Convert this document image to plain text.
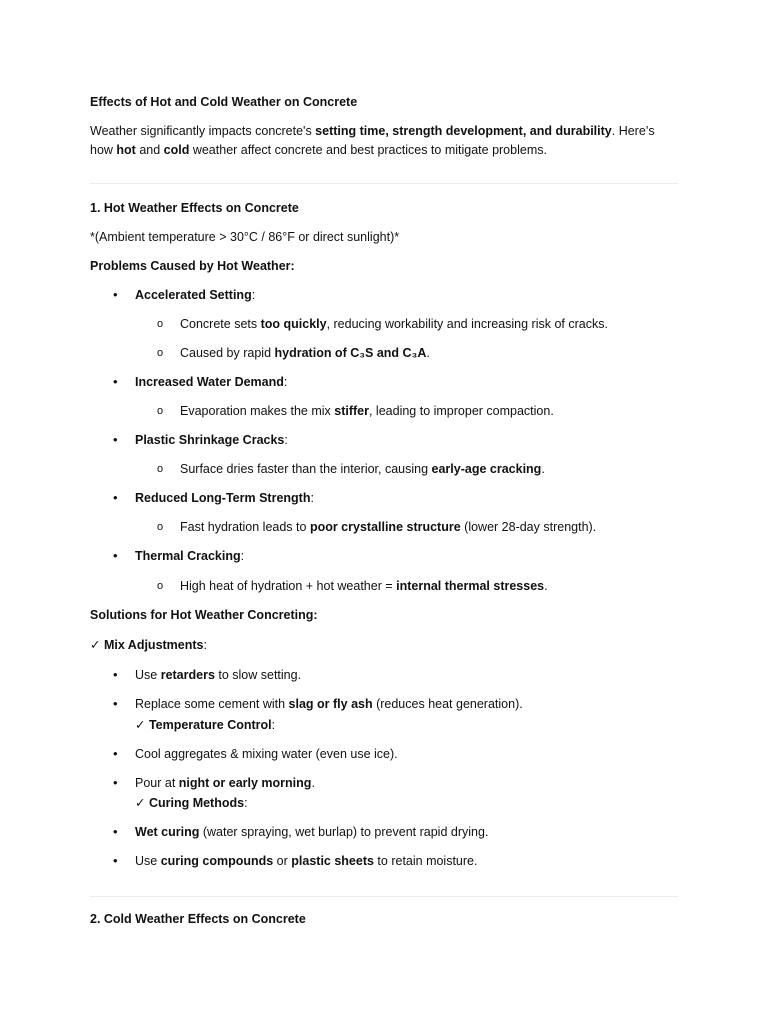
Effects of Hot and Cold Weather on Concrete
Weather significantly impacts concrete's setting time, strength development, and durability. Here’s
how hot and cold weather affect concrete and best practices to mitigate problems.
1. Hot Weather Effects on Concrete
*(Ambient temperature > 30°C / 86°F or direct sunlight)*
Problems Caused by Hot Weather:
• Accelerated Setting:
o Concrete sets too quickly, reducing workability and increasing risk of cracks.
o Caused by rapid hydration of C₃S and C₃A.
• Increased Water Demand:
o Evaporation makes the mix stiffer, leading to improper compaction.
• Plastic Shrinkage Cracks:
o Surface dries faster than the interior, causing early-age cracking.
• Reduced Long-Term Strength:
o Fast hydration leads to poor crystalline structure (lower 28-day strength).
• Thermal Cracking:
o High heat of hydration + hot weather = internal thermal stresses.
Solutions for Hot Weather Concreting:
✓ Mix Adjustments:
• Use retarders to slow setting.
• Replace some cement with slag or fly ash (reduces heat generation).
✓ Temperature Control:
• Cool aggregates & mixing water (even use ice).
• Pour at night or early morning.
✓ Curing Methods:
• Wet curing (water spraying, wet burlap) to prevent rapid drying.
• Use curing compounds or plastic sheets to retain moisture.
2. Cold Weather Effects on Concrete
